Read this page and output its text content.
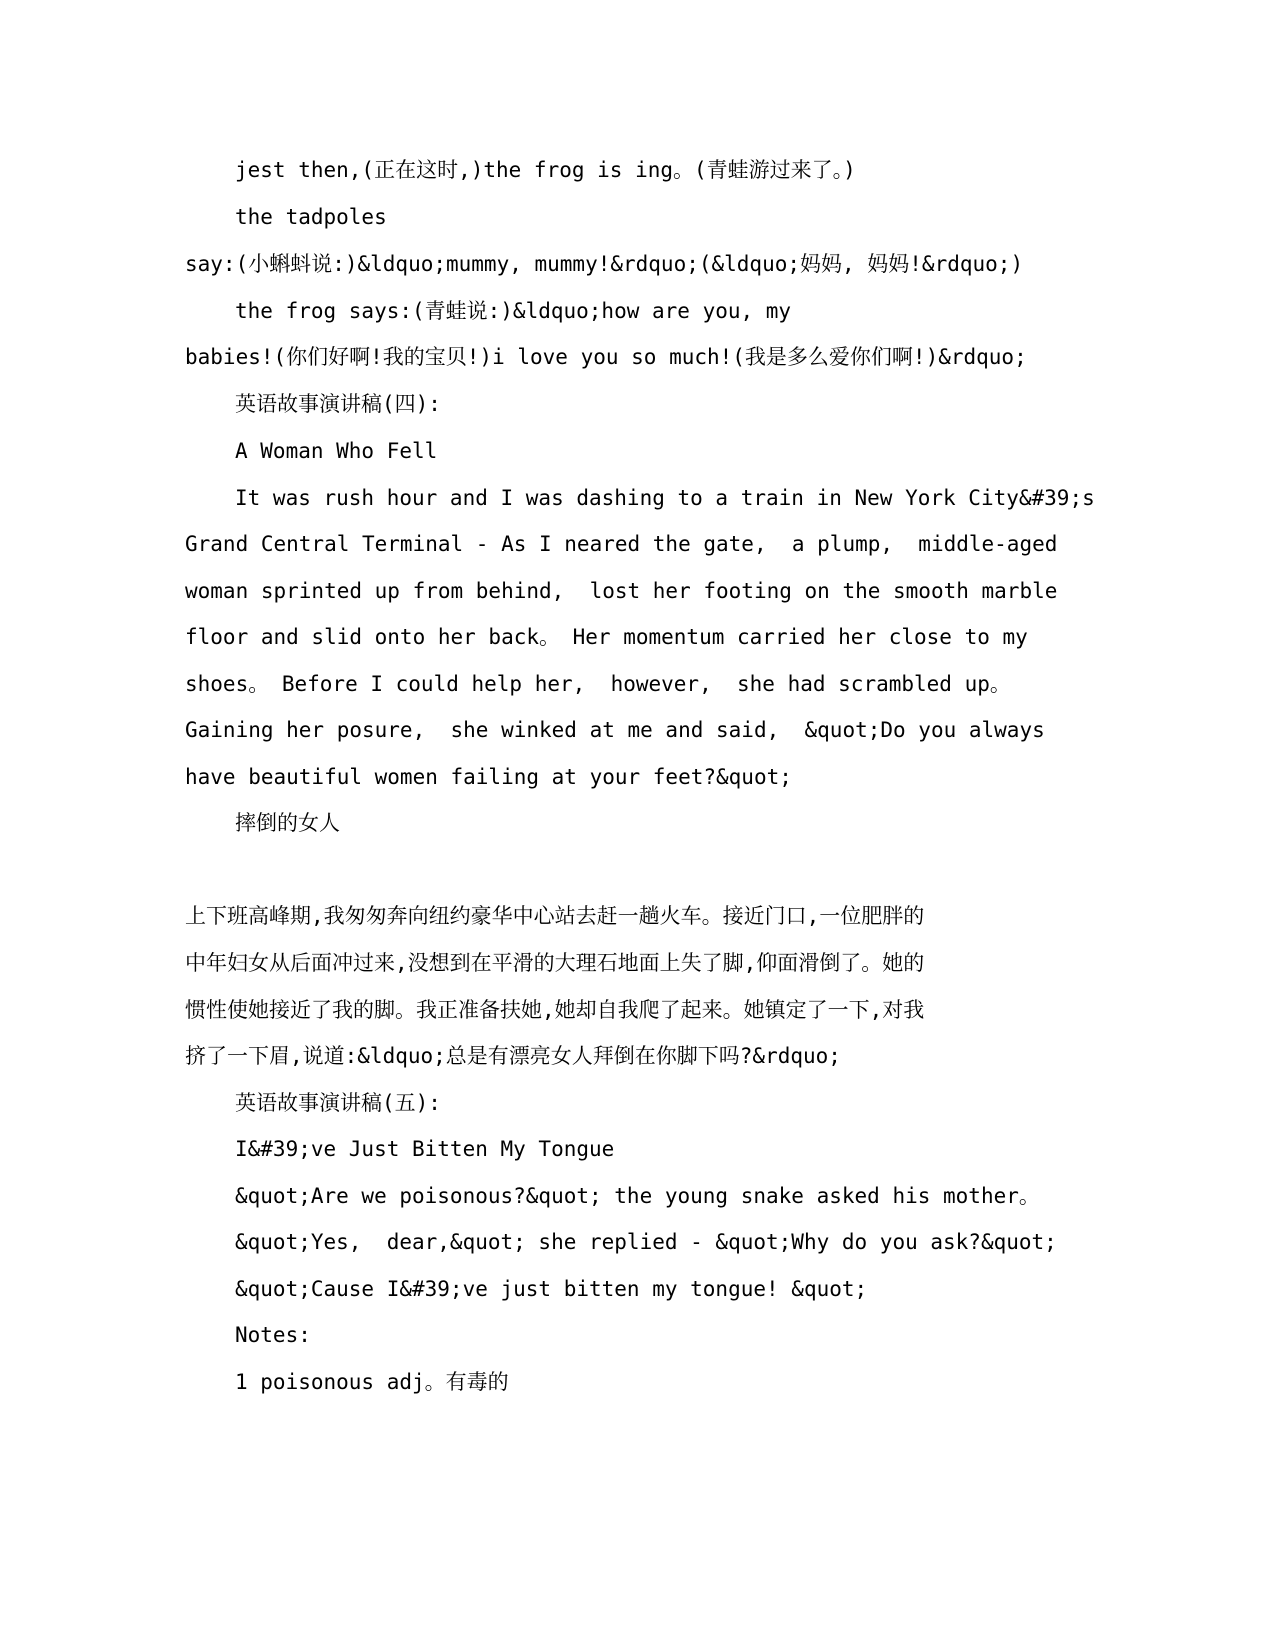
jest then,(正在这时,)the frog is ing。(青蛙游过来了。)
the tadpoles
say:(小蝌蚪说:)&ldquo;mummy, mummy!&rdquo;(&ldquo;妈妈, 妈妈!&rdquo;)
the frog says:(青蛙说:)&ldquo;how are you, my
babies!(你们好啊!我的宝贝!)i love you so much!(我是多么爱你们啊!)&rdquo;
英语故事演讲稿(四):
A Woman Who Fell
It was rush hour and I was dashing to a train in New York City&#39;s
Grand Central Terminal - As I neared the gate,  a plump,  middle-aged
woman sprinted up from behind,  lost her footing on the smooth marble
floor and slid onto her back。 Her momentum carried her close to my
shoes。 Before I could help her,  however,  she had scrambled up。
Gaining her posure,  she winked at me and said,  &quot;Do you always
have beautiful women failing at your feet?&quot;
摔倒的女人
上下班高峰期,我匆匆奔向纽约豪华中心站去赶一趟火车。接近门口,一位肥胖的
中年妇女从后面冲过来,没想到在平滑的大理石地面上失了脚,仰面滑倒了。她的
惯性使她接近了我的脚。我正准备扶她,她却自我爬了起来。她镇定了一下,对我
挤了一下眉,说道:&ldquo;总是有漂亮女人拜倒在你脚下吗?&rdquo;
英语故事演讲稿(五):
I&#39;ve Just Bitten My Tongue
&quot;Are we poisonous?&quot; the young snake asked his mother。
&quot;Yes,  dear,&quot; she replied - &quot;Why do you ask?&quot;
&quot;Cause I&#39;ve just bitten my tongue! &quot;
Notes:
1 poisonous adj。有毒的
